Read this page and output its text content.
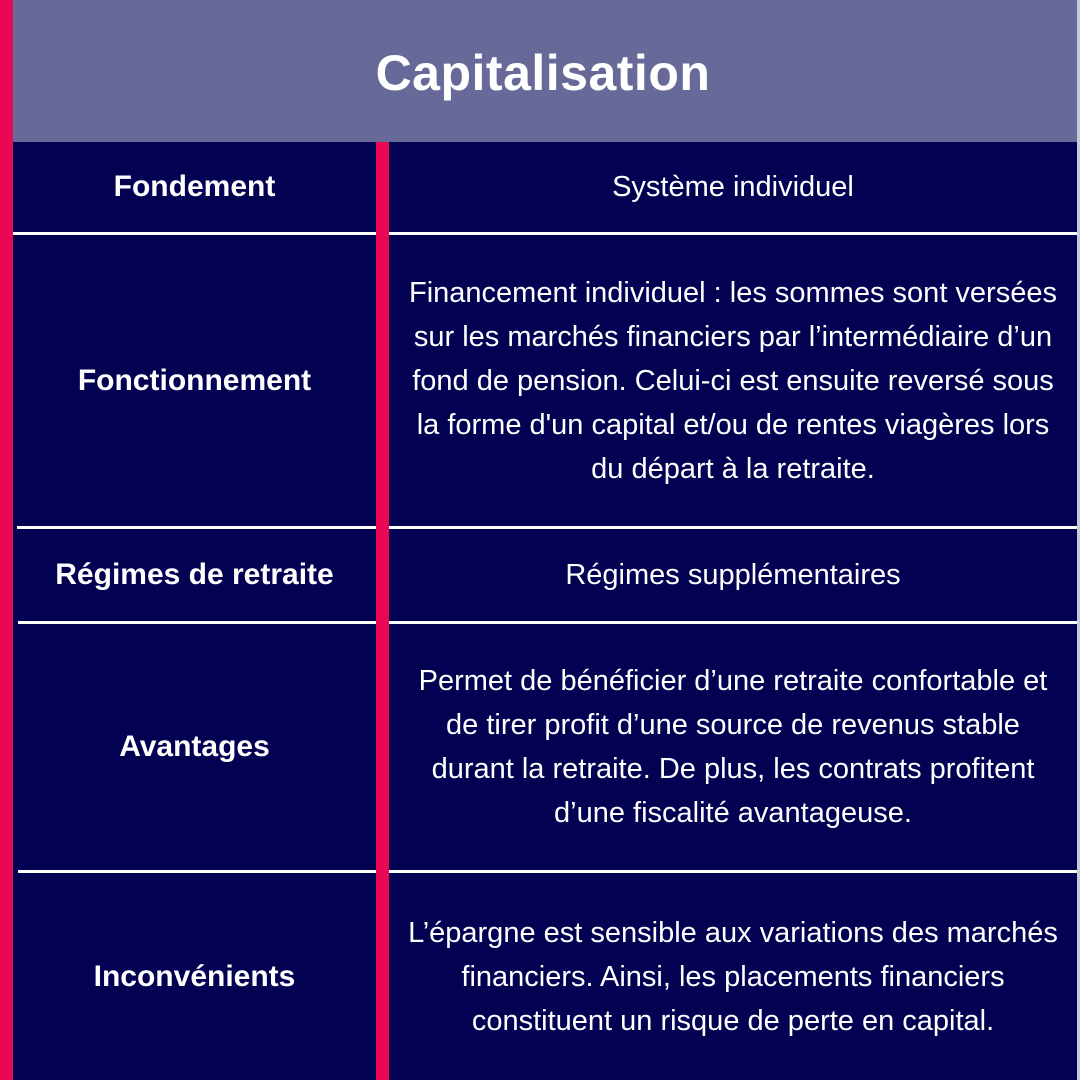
Capitalisation
Fondement	Système individuel
Fonctionnement
Financement individuel : les sommes sont versées sur les marchés financiers par l’intermédiaire d’un fond de pension. Celui-ci est ensuite reversé sous la forme d'un capital et/ou de rentes viagères lors du départ à la retraite.
Régimes de retraite	Régimes supplémentaires
Avantages
Permet de bénéficier d’une retraite confortable et de tirer profit d’une source de revenus stable durant la retraite. De plus, les contrats profitent d’une fiscalité avantageuse.
Inconvénients
L’épargne est sensible aux variations des marchés financiers. Ainsi, les placements financiers constituent un risque de perte en capital.
